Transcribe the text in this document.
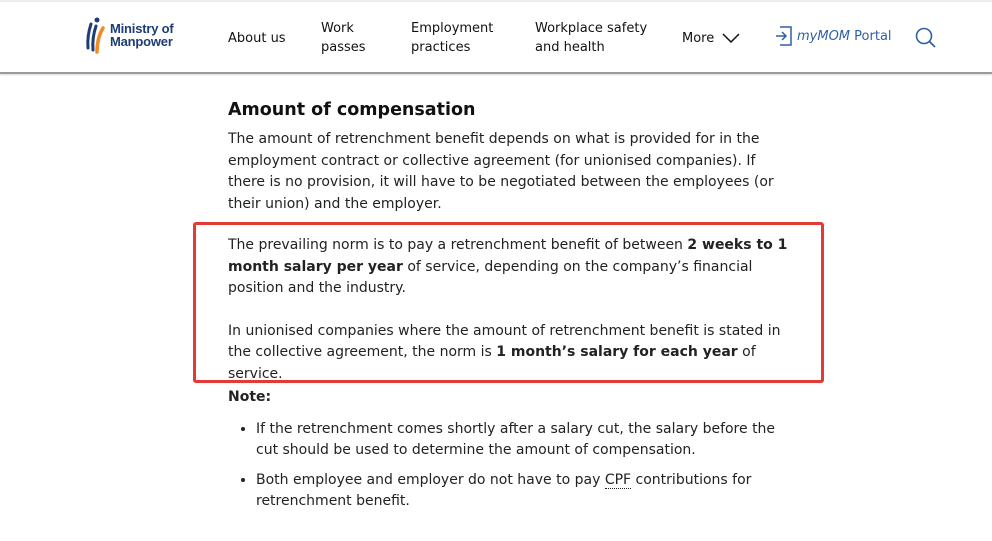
Ministry of
Manpower	About us
Work passes
Employment practices
Workplace safety and health
More	myMOM
Portal
Amount of compensation

The amount of retrenchment benefit depends on what is provided for in the employment contract or collective agreement (for unionised companies). If there is no provision, it will have to be negotiated between the employees (or their union) and the employer.

The prevailing norm is to pay a retrenchment benefit of between 2 weeks to 1 month salary per year of service, depending on the company’s financial position and the industry.

In unionised companies where the amount of retrenchment benefit is stated in the collective agreement, the norm is 1 month’s salary for each year of service.

Note:

• If the retrenchment comes shortly after a salary cut, the salary before the cut should be used to determine the amount of compensation.
• Both employee and employer do not have to pay CPF contributions for retrenchment benefit.
